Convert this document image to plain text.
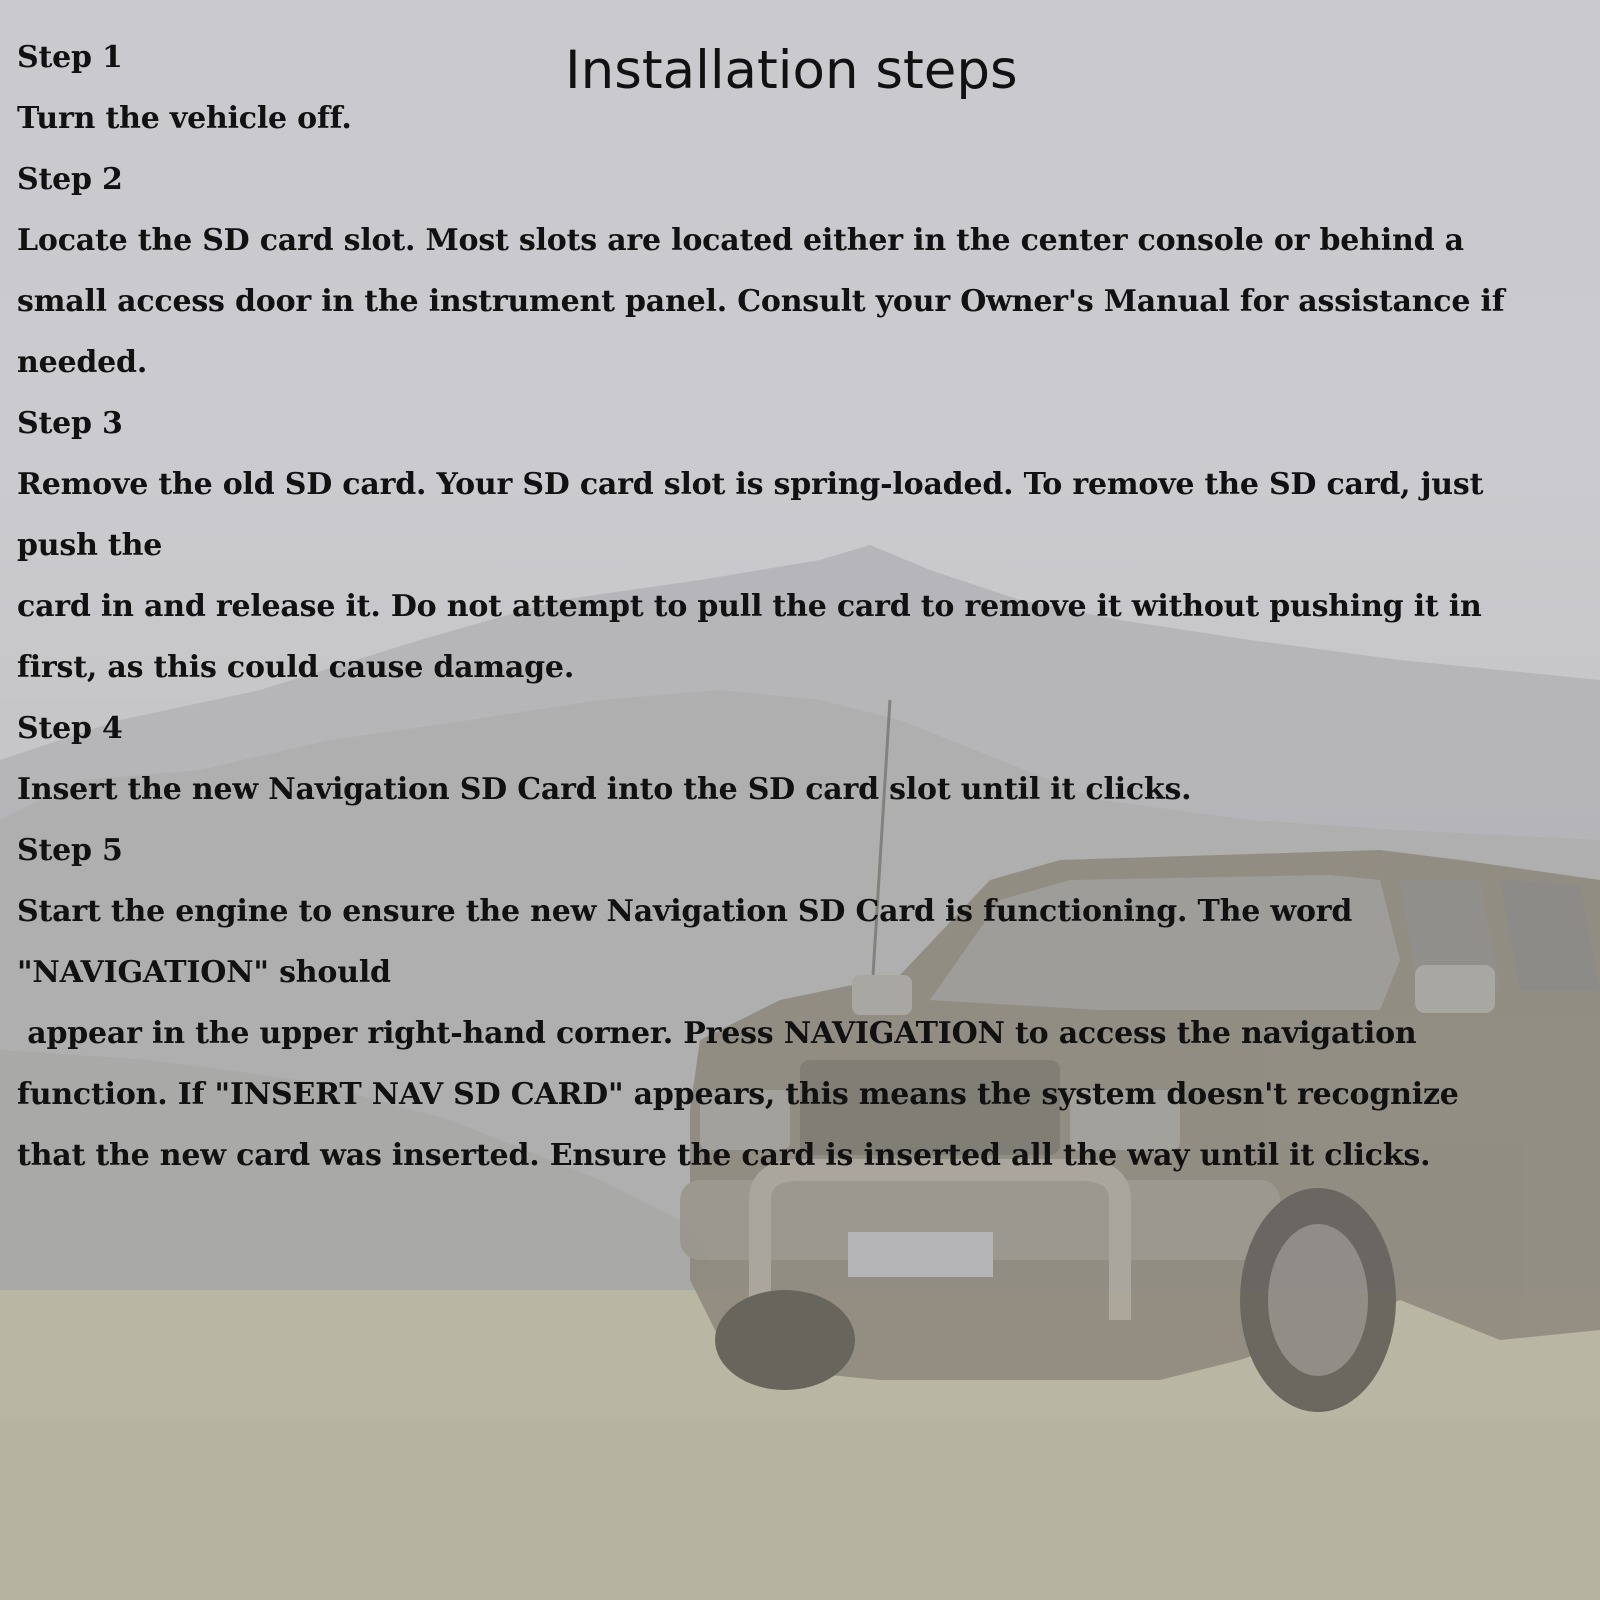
Installation steps
Step 1
Turn the vehicle off.
Step 2
Locate the SD card slot. Most slots are located either in the center console or behind a
small access door in the instrument panel. Consult your Owner's Manual for assistance if
needed.
Step 3
Remove the old SD card. Your SD card slot is spring-loaded. To remove the SD card, just
push the
card in and release it. Do not attempt to pull the card to remove it without pushing it in
first, as this could cause damage.
Step 4
Insert the new Navigation SD Card into the SD card slot until it clicks.
Step 5
Start the engine to ensure the new Navigation SD Card is functioning. The word
"NAVIGATION" should
appear in the upper right-hand corner. Press NAVIGATION to access the navigation
function. If "INSERT NAV SD CARD" appears, this means the system doesn't recognize
that the new card was inserted. Ensure the card is inserted all the way until it clicks.
